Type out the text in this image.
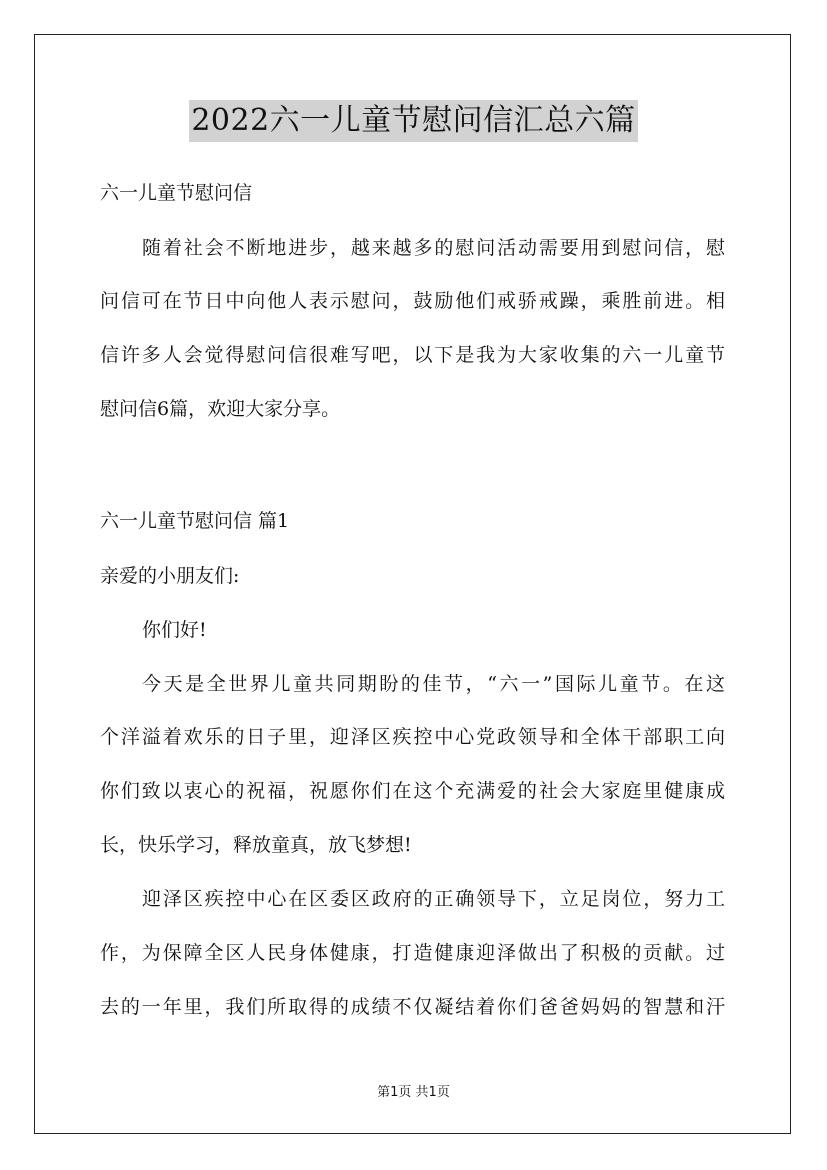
2022六一儿童节慰问信汇总六篇
六一儿童节慰问信
随着社会不断地进步，越来越多的慰问活动需要用到慰问信，慰
问信可在节日中向他人表示慰问，鼓励他们戒骄戒躁，乘胜前进。相
信许多人会觉得慰问信很难写吧，以下是我为大家收集的六一儿童节
慰问信6篇，欢迎大家分享。
六一儿童节慰问信 篇1
亲爱的小朋友们:
你们好!
今天是全世界儿童共同期盼的佳节，“六一”国际儿童节。在这
个洋溢着欢乐的日子里，迎泽区疾控中心党政领导和全体干部职工向
你们致以衷心的祝福，祝愿你们在这个充满爱的社会大家庭里健康成
长，快乐学习，释放童真，放飞梦想!
迎泽区疾控中心在区委区政府的正确领导下，立足岗位，努力工
作，为保障全区人民身体健康，打造健康迎泽做出了积极的贡献。过
去的一年里，我们所取得的成绩不仅凝结着你们爸爸妈妈的智慧和汗
第1页 共1页
